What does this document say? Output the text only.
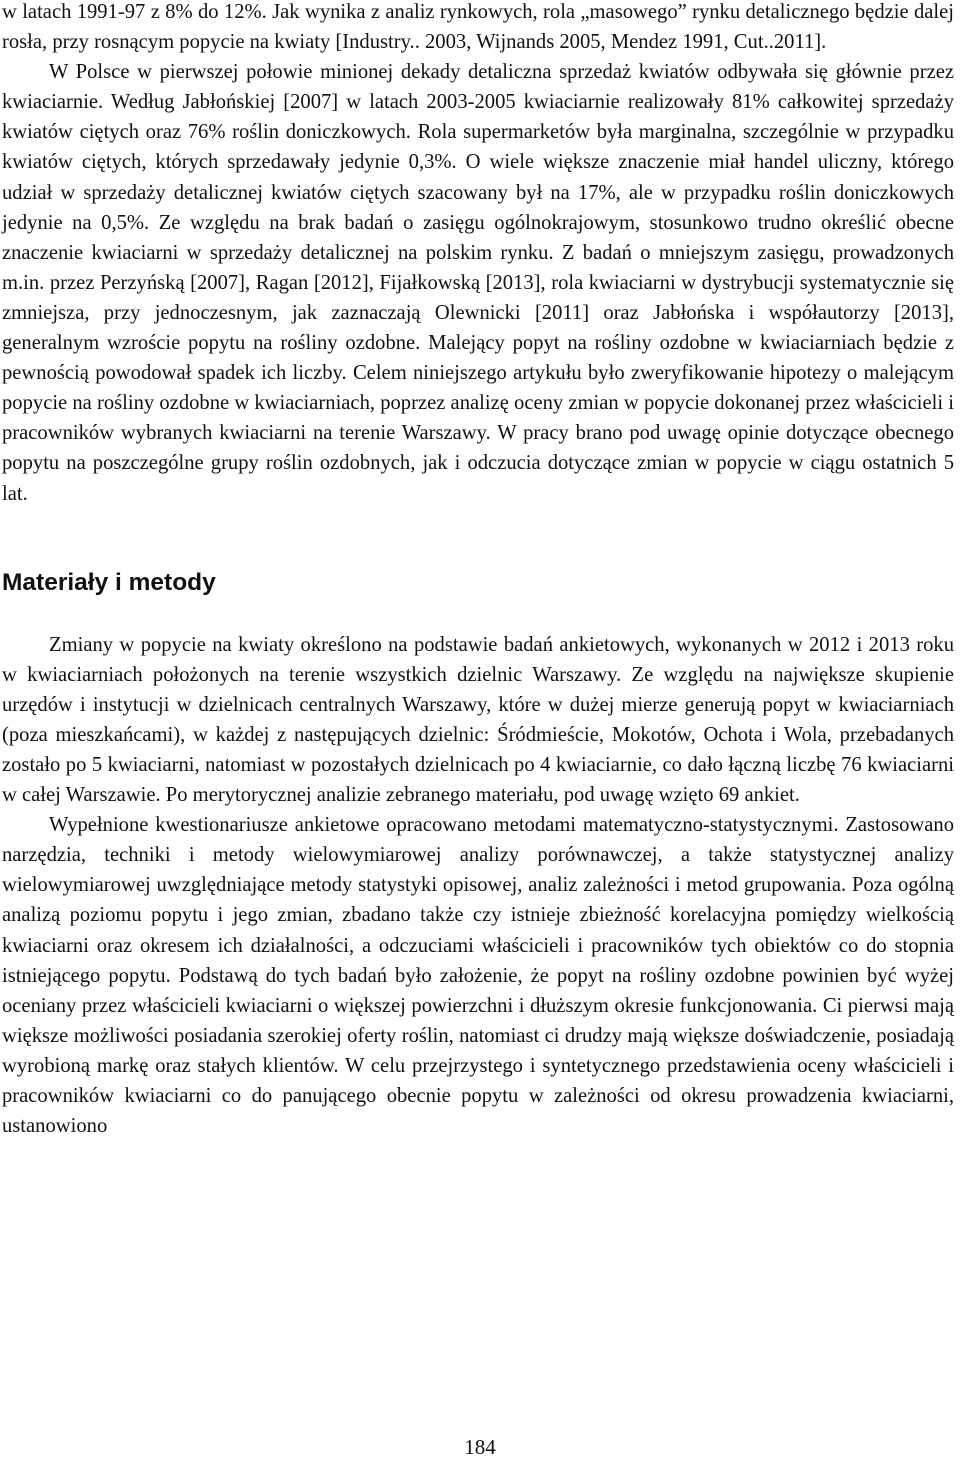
w latach 1991-97 z 8% do 12%. Jak wynika z analiz rynkowych, rola „masowego” rynku detalicznego będzie dalej rosła, przy rosnącym popycie na kwiaty [Industry.. 2003, Wijnands 2005, Mendez 1991, Cut..2011].

W Polsce w pierwszej połowie minionej dekady detaliczna sprzedaż kwiatów odbywała się głównie przez kwiaciarnie. Według Jabłońskiej [2007] w latach 2003-2005 kwiaciarnie realizowały 81% całkowitej sprzedaży kwiatów ciętych oraz 76% roślin doniczkowych. Rola supermarketów była marginalna, szczególnie w przypadku kwiatów ciętych, których sprzedawały jedynie 0,3%. O wiele większe znaczenie miał handel uliczny, którego udział w sprzedaży detalicznej kwiatów ciętych szacowany był na 17%, ale w przypadku roślin doniczkowych jedynie na 0,5%. Ze względu na brak badań o zasięgu ogólnokrajowym, stosunkowo trudno określić obecne znaczenie kwiaciarni w sprzedaży detalicznej na polskim rynku. Z badań o mniejszym zasięgu, prowadzonych m.in. przez Perzyńską [2007], Ragan [2012], Fijałkowską [2013], rola kwiaciarni w dystrybucji systematycznie się zmniejsza, przy jednoczesnym, jak zaznaczają Olewnicki [2011] oraz Jabłońska i współautorzy [2013], generalnym wzroście popytu na rośliny ozdobne. Malejący popyt na rośliny ozdobne w kwiaciarniach będzie z pewnością powodował spadek ich liczby. Celem niniejszego artykułu było zweryfikowanie hipotezy o malejącym popycie na rośliny ozdobne w kwiaciarniach, poprzez analizę oceny zmian w popycie dokonanej przez właścicieli i pracowników wybranych kwiaciarni na terenie Warszawy. W pracy brano pod uwagę opinie dotyczące obecnego popytu na poszczególne grupy roślin ozdobnych, jak i odczucia dotyczące zmian w popycie w ciągu ostatnich 5 lat.

Materiały i metody

Zmiany w popycie na kwiaty określono na podstawie badań ankietowych, wykonanych w 2012 i 2013 roku w kwiaciarniach położonych na terenie wszystkich dzielnic Warszawy. Ze względu na największe skupienie urzędów i instytucji w dzielnicach centralnych Warszawy, które w dużej mierze generują popyt w kwiaciarniach (poza mieszkańcami), w każdej z następujących dzielnic: Śródmieście, Mokotów, Ochota i Wola, przebadanych zostało po 5 kwiaciarni, natomiast w pozostałych dzielnicach po 4 kwiaciarnie, co dało łączną liczbę 76 kwiaciarni w całej Warszawie. Po merytorycznej analizie zebranego materiału, pod uwagę wzięto 69 ankiet.

Wypełnione kwestionariusze ankietowe opracowano metodami matematyczno-statystycznymi. Zastosowano narzędzia, techniki i metody wielowymiarowej analizy porównawczej, a także statystycznej analizy wielowymiarowej uwzględniające metody statystyki opisowej, analiz zależności i metod grupowania. Poza ogólną analizą poziomu popytu i jego zmian, zbadano także czy istnieje zbieżność korelacyjna pomiędzy wielkością kwiaciarni oraz okresem ich działalności, a odczuciami właścicieli i pracowników tych obiektów co do stopnia istniejącego popytu. Podstawą do tych badań było założenie, że popyt na rośliny ozdobne powinien być wyżej oceniany przez właścicieli kwiaciarni o większej powierzchni i dłuższym okresie funkcjonowania. Ci pierwsi mają większe możliwości posiadania szerokiej oferty roślin, natomiast ci drudzy mają większe doświadczenie, posiadają wyrobioną markę oraz stałych klientów. W celu przejrzystego i syntetycznego przedstawienia oceny właścicieli i pracowników kwiaciarni co do panującego obecnie popytu w zależności od okresu prowadzenia kwiaciarni, ustanowiono

184
